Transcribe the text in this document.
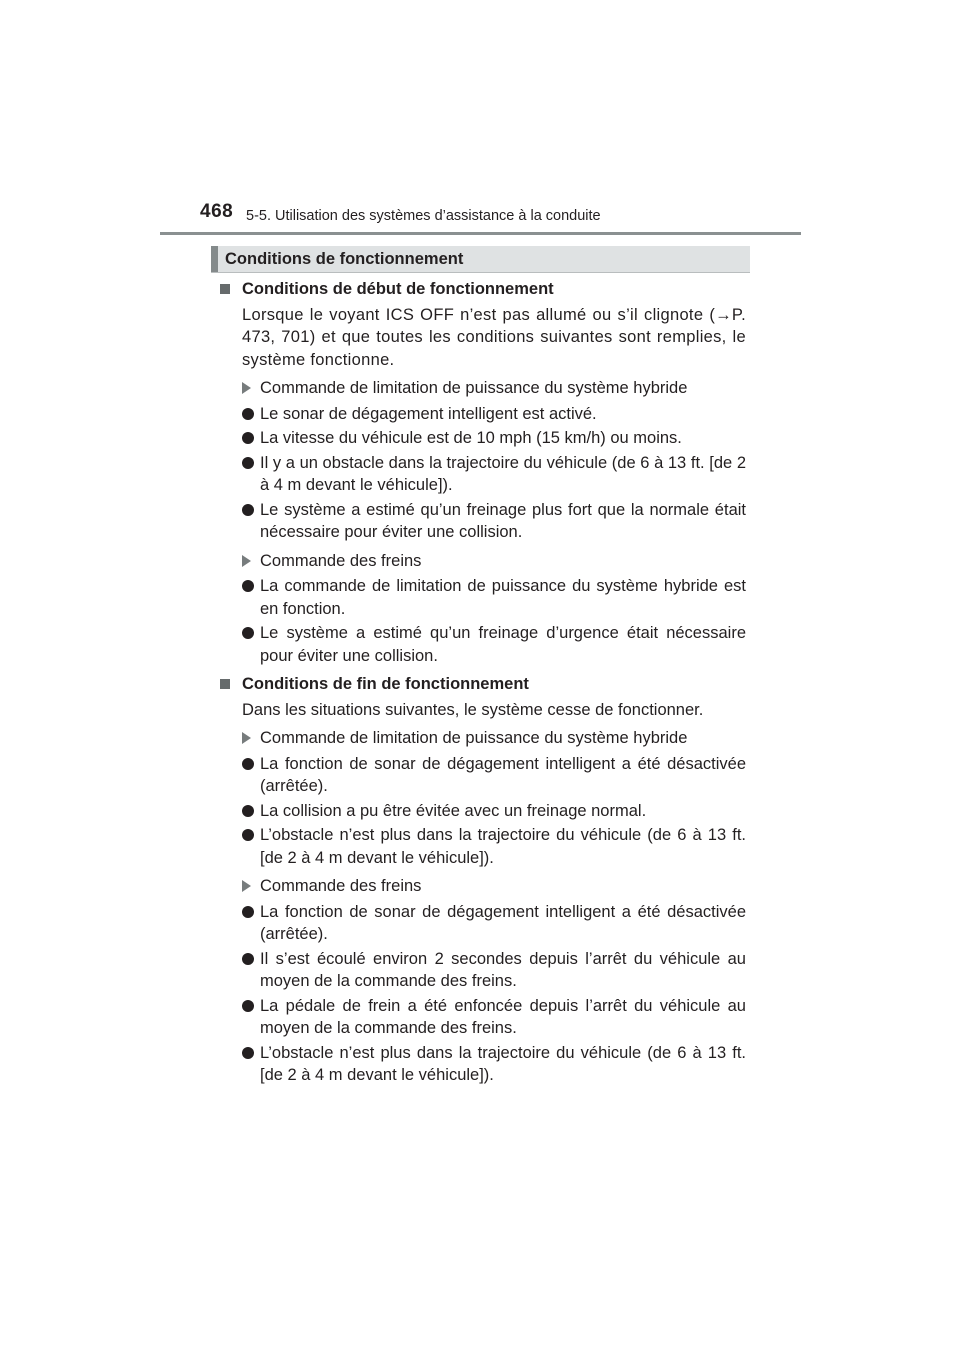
468 5-5. Utilisation des systèmes d’assistance à la conduite
Conditions de fonctionnement
Conditions de début de fonctionnement

Lorsque le voyant ICS OFF n’est pas allumé ou s’il clignote (→P. 473, 701) et que toutes les conditions suivantes sont remplies, le système fonctionne.

Commande de limitation de puissance du système hybride
Le sonar de dégagement intelligent est activé.
La vitesse du véhicule est de 10 mph (15 km/h) ou moins.
Il y a un obstacle dans la trajectoire du véhicule (de 6 à 13 ft. [de 2 à 4 m devant le véhicule]).
Le système a estimé qu’un freinage plus fort que la normale était nécessaire pour éviter une collision.
Commande des freins
La commande de limitation de puissance du système hybride est en fonction.
Le système a estimé qu’un freinage d’urgence était nécessaire pour éviter une collision.
Conditions de fin de fonctionnement

Dans les situations suivantes, le système cesse de fonctionner.

Commande de limitation de puissance du système hybride
La fonction de sonar de dégagement intelligent a été désactivée (arrêtée).
La collision a pu être évitée avec un freinage normal.
L’obstacle n’est plus dans la trajectoire du véhicule (de 6 à 13 ft. [de 2 à 4 m devant le véhicule]).
Commande des freins
La fonction de sonar de dégagement intelligent a été désactivée (arrêtée).
Il s’est écoulé environ 2 secondes depuis l’arrêt du véhicule au moyen de la commande des freins.
La pédale de frein a été enfoncée depuis l’arrêt du véhicule au moyen de la commande des freins.
L’obstacle n’est plus dans la trajectoire du véhicule (de 6 à 13 ft. [de 2 à 4 m devant le véhicule]).
